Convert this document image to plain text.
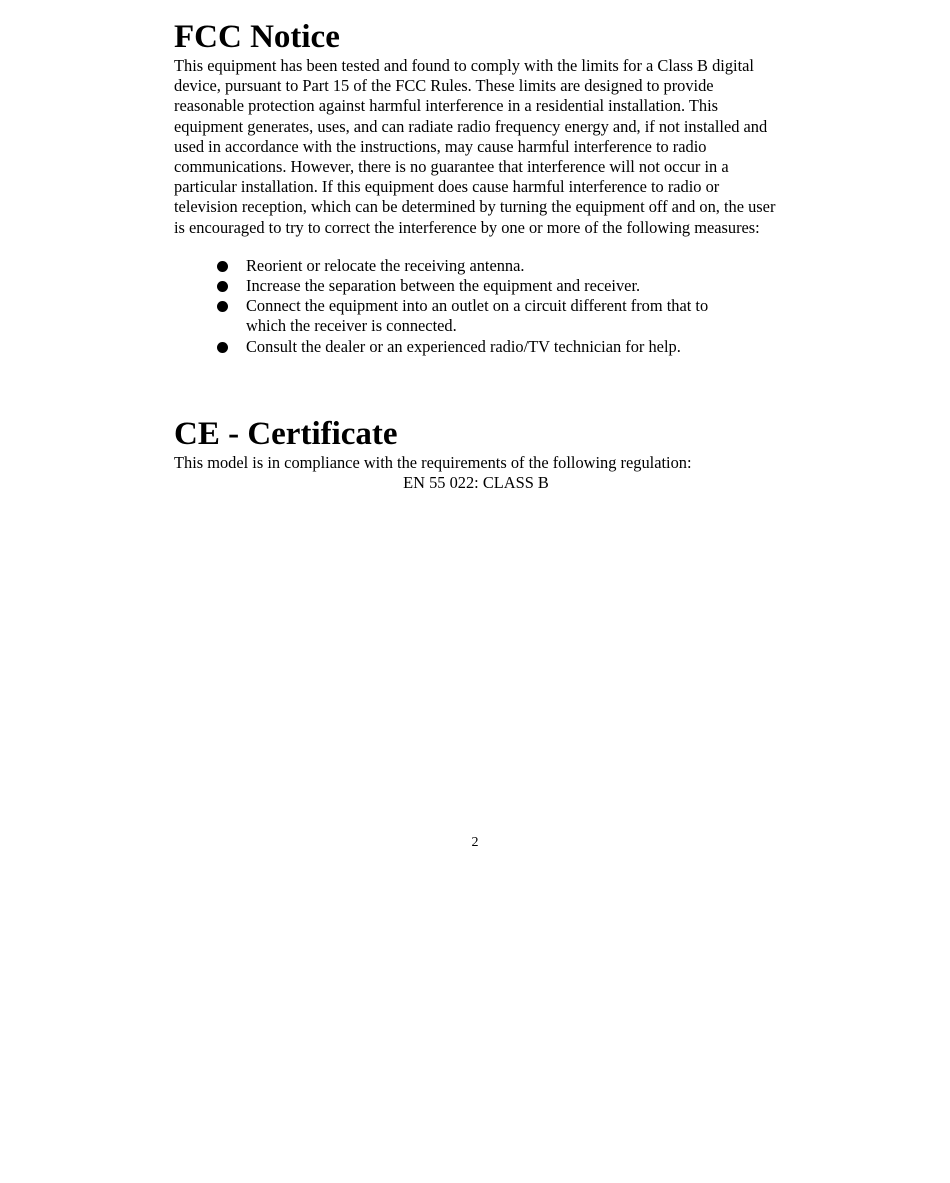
FCC Notice

This equipment has been tested and found to comply with the limits for a Class B digital device, pursuant to Part 15 of the FCC Rules. These limits are designed to provide reasonable protection against harmful interference in a residential installation. This equipment generates, uses, and can radiate radio frequency energy and, if not installed and used in accordance with the instructions, may cause harmful interference to radio communications. However, there is no guarantee that interference will not occur in a particular installation. If this equipment does cause harmful interference to radio or television reception, which can be determined by turning the equipment off and on, the user is encouraged to try to correct the interference by one or more of the following measures:

Reorient or relocate the receiving antenna.
Increase the separation between the equipment and receiver.
Connect the equipment into an outlet on a circuit different from that to which the receiver is connected.
Consult the dealer or an experienced radio/TV technician for help.
CE - Certificate

This model is in compliance with the requirements of the following regulation:

EN 55 022: CLASS B

2
